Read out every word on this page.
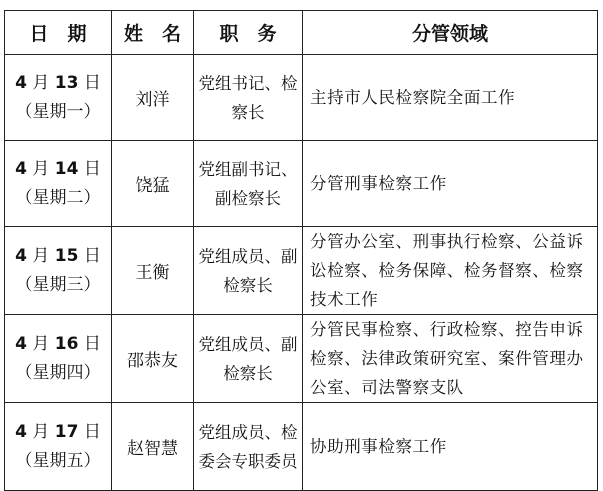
日　期	姓　名	职　务	分管领域

4 月 13 日
（星期一）	刘洋	党组书记、检察长	主持市人民检察院全面工作

4 月 14 日
（星期二）	饶猛	党组副书记、副检察长	分管刑事检察工作

4 月 15 日
（星期三）	王衡	党组成员、副检察长	分管办公室、刑事执行检察、公益诉讼检察、检务保障、检务督察、检察技术工作

4 月 16 日
（星期四）	邵恭友	党组成员、副检察长	分管民事检察、行政检察、控告申诉检察、法律政策研究室、案件管理办公室、司法警察支队

4 月 17 日
（星期五）	赵智慧	党组成员、检委会专职委员	协助刑事检察工作
